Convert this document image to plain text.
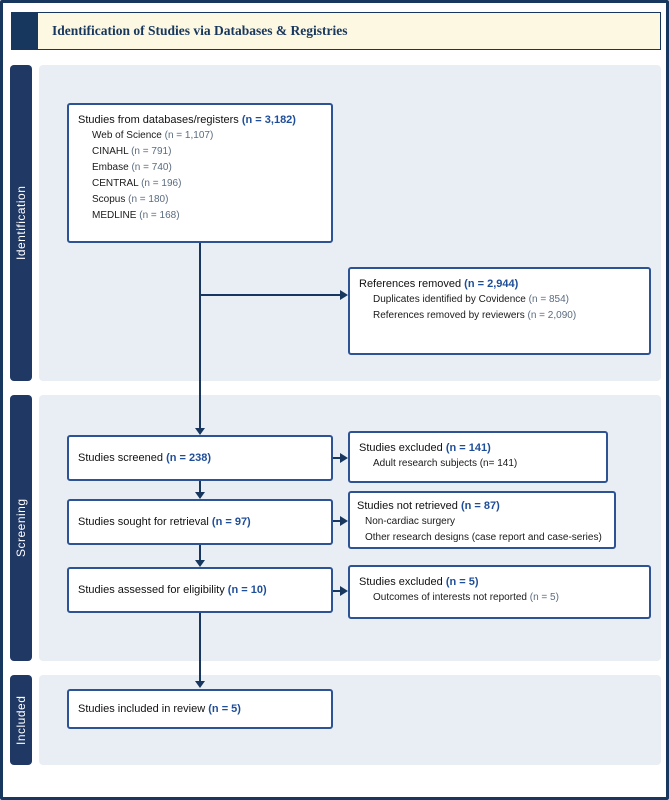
Identification of Studies via Databases & Registries
Identification
Screening
Included
Studies from databases/registers (n = 3,182)
Web of Science (n = 1,107)
CINAHL (n = 791)
Embase (n = 740)
CENTRAL (n = 196)
Scopus (n = 180)
MEDLINE (n = 168)
References removed (n = 2,944)
Duplicates identified by Covidence (n = 854)
References removed by reviewers (n = 2,090)
Studies screened (n = 238)
Studies excluded (n = 141)
Adult research subjects (n= 141)
Studies sought for retrieval (n = 97)
Studies not retrieved (n = 87)
Non-cardiac surgery
Other research designs (case report and case-series)
Studies assessed for eligibility (n = 10)
Studies excluded (n = 5)
Outcomes of interests not reported (n = 5)
Studies included in review (n = 5)
